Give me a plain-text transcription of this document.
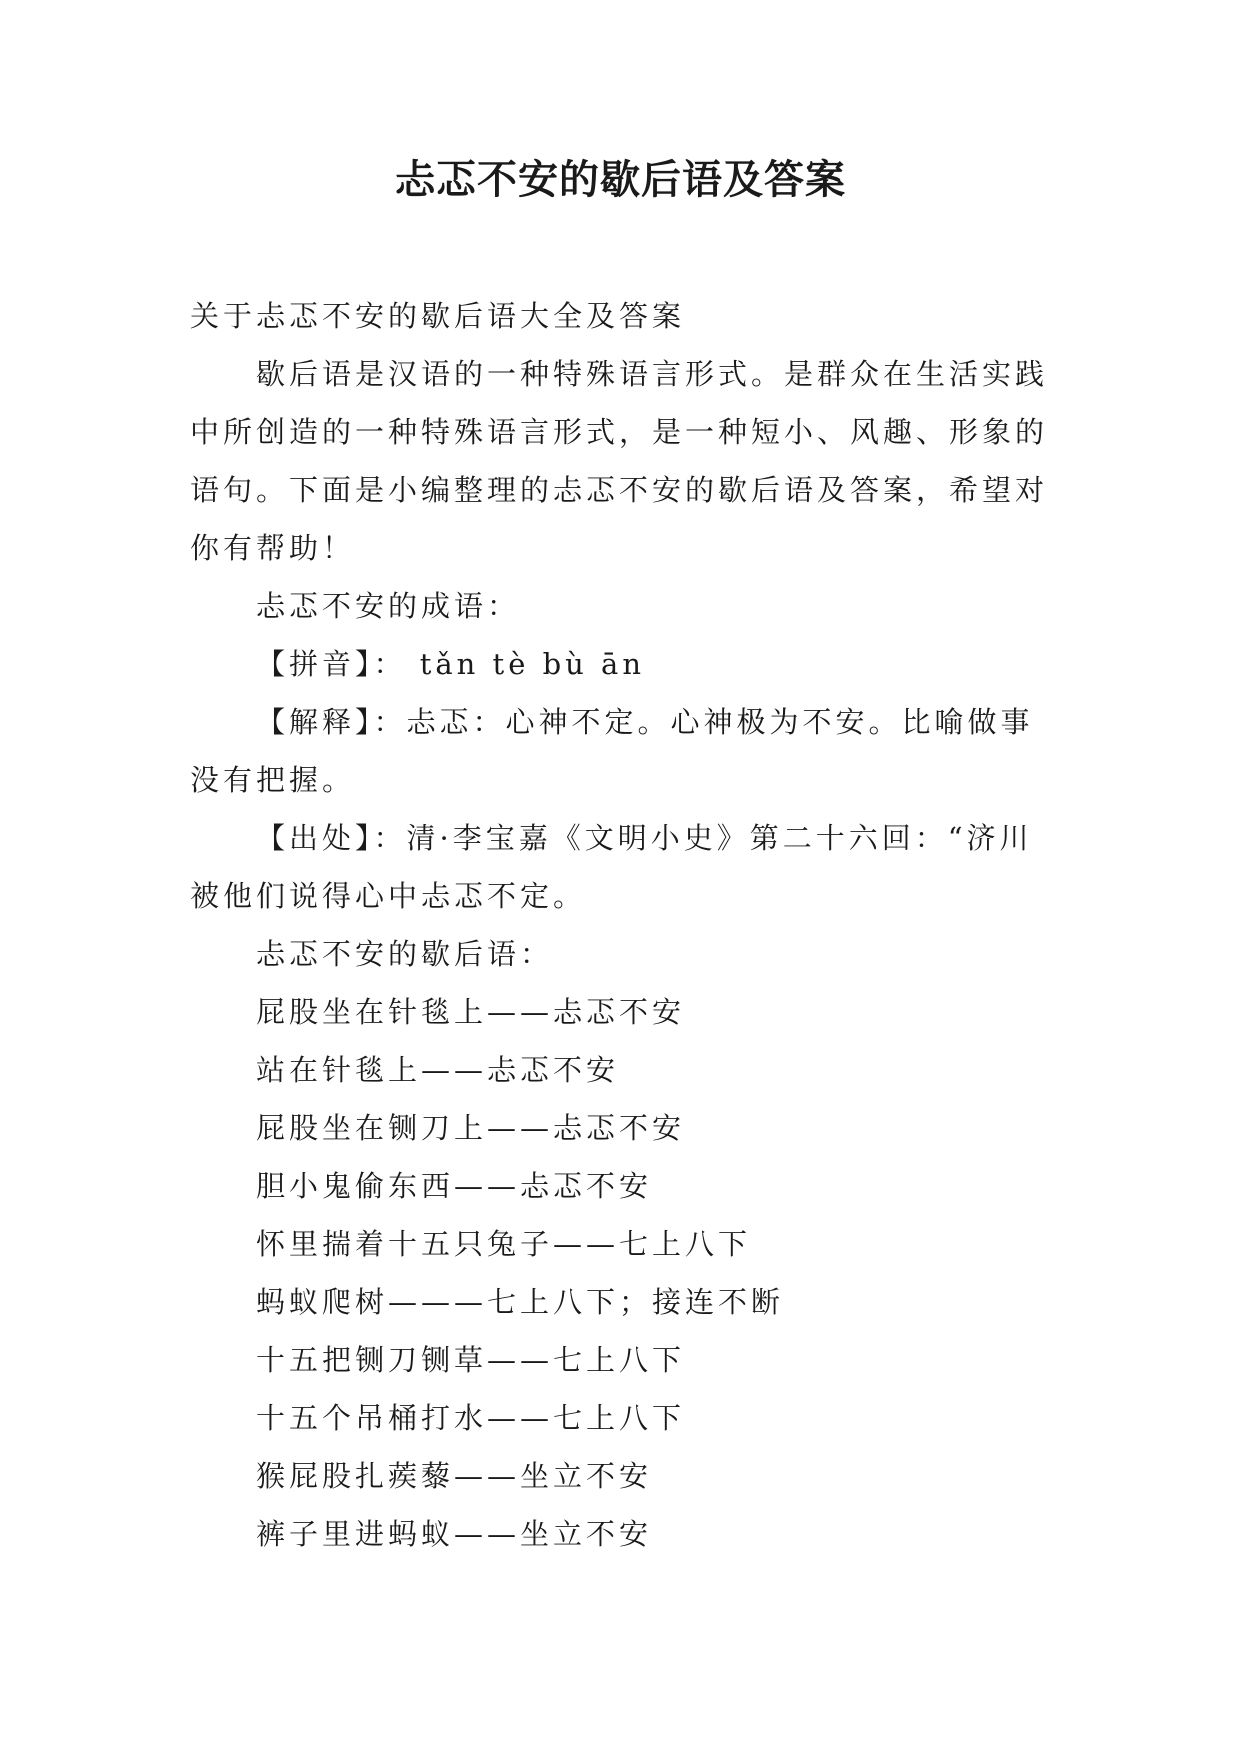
忐忑不安的歇后语及答案

关于忐忑不安的歇后语大全及答案

歇后语是汉语的一种特殊语言形式。是群众在生活实践中所创造的一种特殊语言形式，是一种短小、风趣、形象的语句。下面是小编整理的忐忑不安的歇后语及答案，希望对你有帮助！

忐忑不安的成语：

【拼音】： tǎn tè bù ān

【解释】：忐忑：心神不定。心神极为不安。比喻做事没有把握。

【出处】：清·李宝嘉《文明小史》第二十六回：“济川被他们说得心中忐忑不定。

忐忑不安的歇后语：

屁股坐在针毯上——忐忑不安

站在针毯上——忐忑不安

屁股坐在铡刀上——忐忑不安

胆小鬼偷东西——忐忑不安

怀里揣着十五只兔子——七上八下

蚂蚁爬树———七上八下；接连不断

十五把铡刀铡草——七上八下

十五个吊桶打水——七上八下

猴屁股扎蒺藜——坐立不安

裤子里进蚂蚁——坐立不安
